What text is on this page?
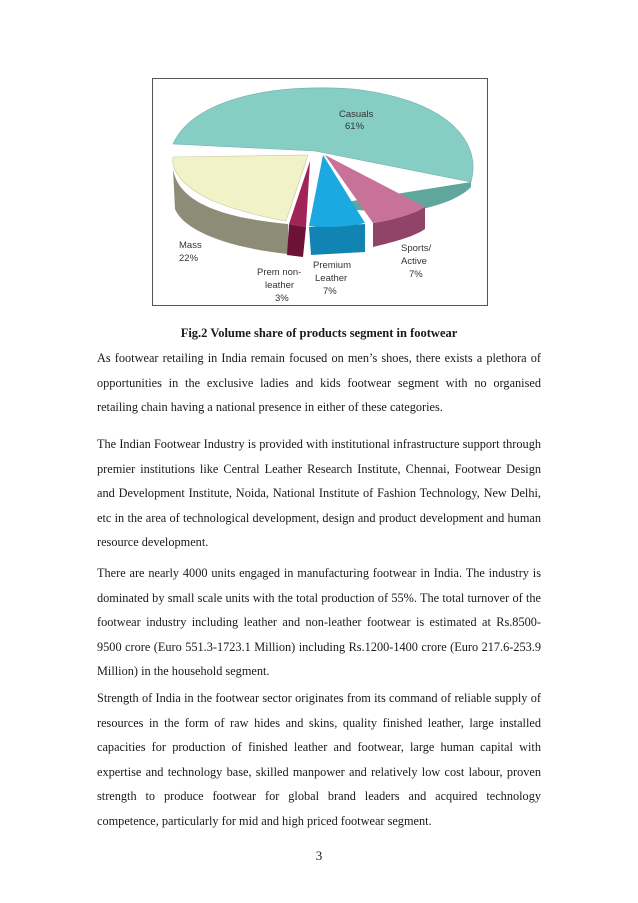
Casuals
61%
Mass
22%
Prem non-
leather
3%
Premium
Leather
7%
Sports/
Active
7%
Fig.2 Volume share of products segment in footwear

As footwear retailing in India remain focused on men’s shoes, there exists a plethora of opportunities in the exclusive ladies and kids footwear segment with no organised retailing chain having a national presence in either of these categories.

The Indian Footwear Industry is provided with institutional infrastructure support through premier institutions like Central Leather Research Institute, Chennai, Footwear Design and Development Institute, Noida, National Institute of Fashion Technology, New Delhi, etc in the area of technological development, design and product development and human resource development.

There are nearly 4000 units engaged in manufacturing footwear in India. The industry is dominated by small scale units with the total production of 55%. The total turnover of the footwear industry including leather and non-leather footwear is estimated at Rs.8500-9500 crore (Euro 551.3-1723.1 Million) including Rs.1200-1400 crore (Euro 217.6-253.9 Million) in the household segment.

Strength of India in the footwear sector originates from its command of reliable supply of resources in the form of raw hides and skins, quality finished leather, large installed capacities for production of finished leather and footwear, large human capital with expertise and technology base, skilled manpower and relatively low cost labour, proven strength to produce footwear for global brand leaders and acquired technology competence, particularly for mid and high priced footwear segment.

3
